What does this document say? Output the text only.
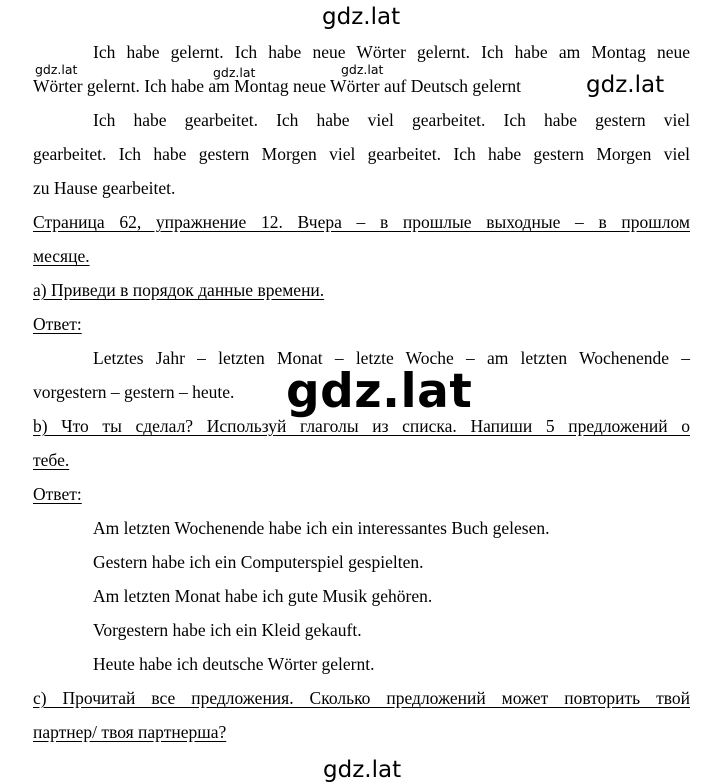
gdz.lat

Ich habe gelernt. Ich habe neue Wörter gelernt. Ich habe am Montag neue

Wörter gelernt. Ich habe am Montag neue Wörter auf Deutsch gelernt

gdz.lat	gdz.lat	gdz.lat
gdz.lat

Ich habe gearbeitet. Ich habe viel gearbeitet. Ich habe gestern viel

gearbeitet. Ich habe gestern Morgen viel gearbeitet. Ich habe gestern Morgen viel

zu Hause gearbeitet.

Страница 62, упражнение 12. Вчера – в прошлые выходные – в прошлом

месяце.

а) Приведи в порядок данные времени.

Ответ:

Letztes Jahr – letzten Monat – letzte Woche – am letzten Wochenende –

vorgestern – gestern – heute.

b) Что ты сделал? Используй глаголы из списка. Напиши 5 предложений о

тебе.

Ответ:

Am letzten Wochenende habe ich ein interessantes Buch gelesen.

Gestern habe ich ein Computerspiel gespielten.

Am letzten Monat habe ich gute Musik gehören.

Vorgestern habe ich ein Kleid gekauft.

Heute habe ich deutsche Wörter gelernt.

с) Прочитай все предложения. Сколько предложений может повторить твой

партнер/ твоя партнерша?

gdz.lat
gdz.lat
